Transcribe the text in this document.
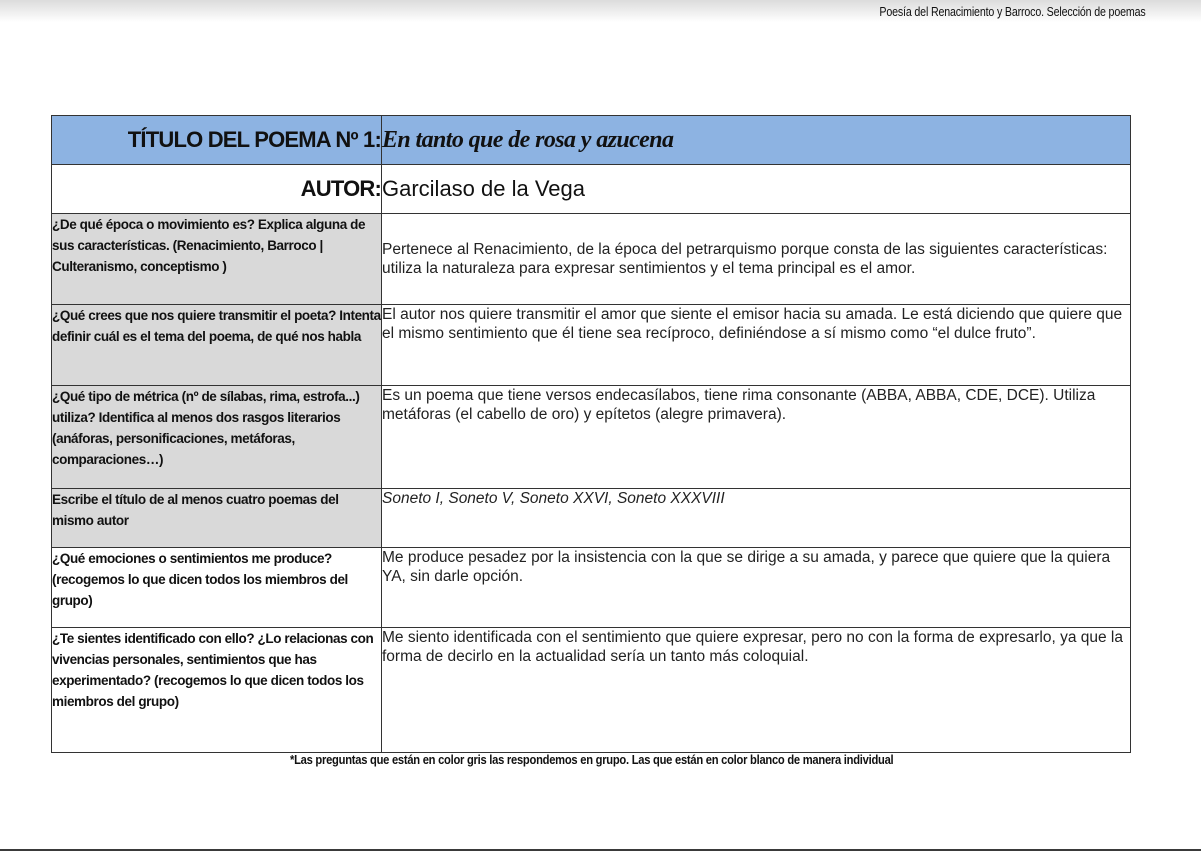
Poesía del Renacimiento y Barroco. Selección de poemas
TÍTULO DEL POEMA Nº 1:	En tanto que de rosa y azucena
AUTOR:	Garcilaso de la Vega
¿De qué época o movimiento es? Explica alguna de sus características. (Renacimiento, Barroco | Culteranismo, conceptismo )	Pertenece al Renacimiento, de la época del petrarquismo porque consta de las siguientes características: utiliza la naturaleza para expresar sentimientos y el tema principal es el amor.
¿Qué crees que nos quiere transmitir el poeta? Intenta definir cuál es el tema del poema, de qué nos habla	El autor nos quiere transmitir el amor que siente el emisor hacia su amada. Le está diciendo que quiere que el mismo sentimiento que él tiene sea recíproco, definiéndose a sí mismo como “el dulce fruto”.
¿Qué tipo de métrica (nº de sílabas, rima, estrofa...) utiliza? Identifica al menos dos rasgos literarios (anáforas, personificaciones, metáforas, comparaciones…)	Es un poema que tiene versos endecasílabos, tiene rima consonante (ABBA, ABBA, CDE, DCE). Utiliza metáforas (el cabello de oro) y epítetos (alegre primavera).
Escribe el título de al menos cuatro poemas del mismo autor	Soneto I, Soneto V, Soneto XXVI, Soneto XXXVIII
¿Qué emociones o sentimientos me produce? (recogemos lo que dicen todos los miembros del grupo)	Me produce pesadez por la insistencia con la que se dirige a su amada, y parece que quiere que la quiera YA, sin darle opción.
¿Te sientes identificado con ello? ¿Lo relacionas con vivencias personales, sentimientos que has experimentado? (recogemos lo que dicen todos los miembros del grupo)	Me siento identificada con el sentimiento que quiere expresar, pero no con la forma de expresarlo, ya que la forma de decirlo en la actualidad sería un tanto más coloquial.
*Las preguntas que están en color gris las respondemos en grupo. Las que están en color blanco de manera individual
